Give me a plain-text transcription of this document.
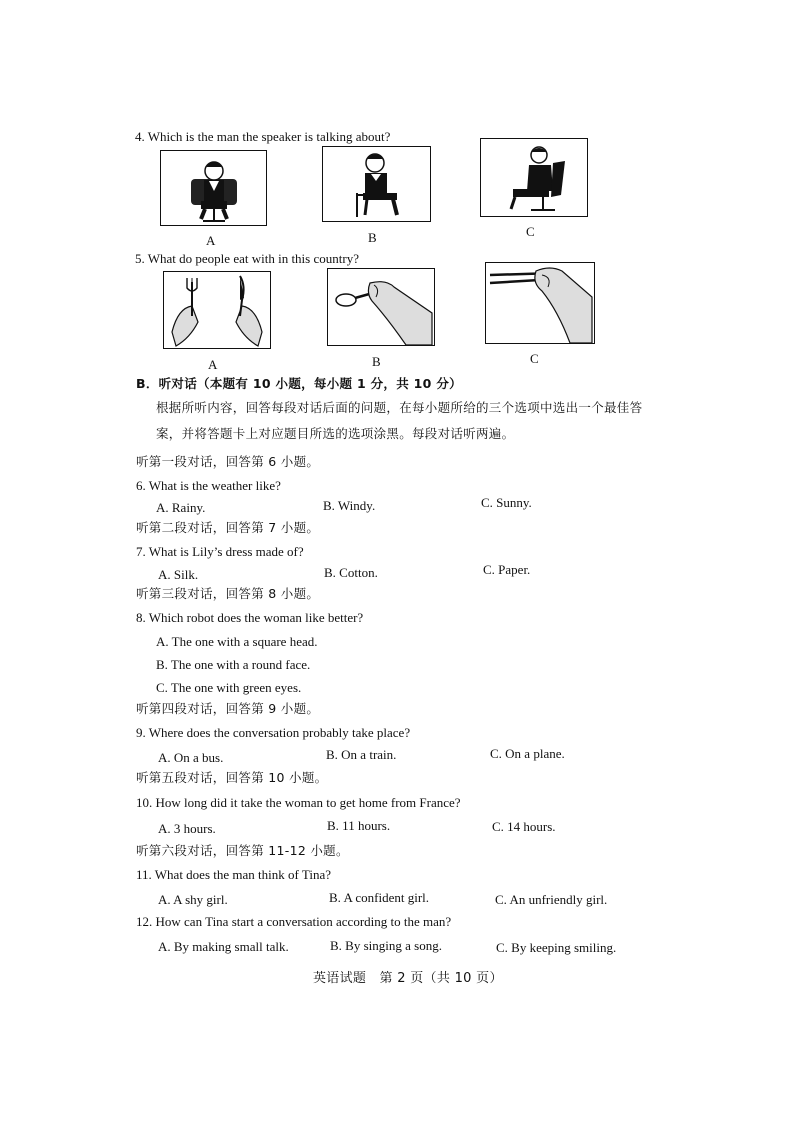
4. Which is the man the speaker is talking about?
A	B	C
5. What do people eat with in this country?
A	B	C
B．听对话（本题有 10 小题，每小题 1 分，共 10 分）
根据所听内容，回答每段对话后面的问题，在每小题所给的三个选项中选出一个最佳答
案，并将答题卡上对应题目所选的选项涂黑。每段对话听两遍。
听第一段对话，回答第 6 小题。
6. What is the weather like?
A. Rainy.	B. Windy.	C. Sunny.
听第二段对话，回答第 7 小题。
7. What is Lily’s dress made of?
A. Silk.	B. Cotton.	C. Paper.
听第三段对话，回答第 8 小题。
8. Which robot does the woman like better?
A. The one with a square head.
B. The one with a round face.
C. The one with green eyes.
听第四段对话，回答第 9 小题。
9. Where does the conversation probably take place?
A. On a bus.	B. On a train.	C. On a plane.
听第五段对话，回答第 10 小题。
10. How long did it take the woman to get home from France?
A. 3 hours.	B. 11 hours.	C. 14 hours.
听第六段对话，回答第 11-12 小题。
11. What does the man think of Tina?
A. A shy girl.	B. A confident girl.	C. An unfriendly girl.
12. How can Tina start a conversation according to the man?
A. By making small talk.	B. By singing a song.	C. By keeping smiling.
英语试题　第 2 页（共 10 页）
